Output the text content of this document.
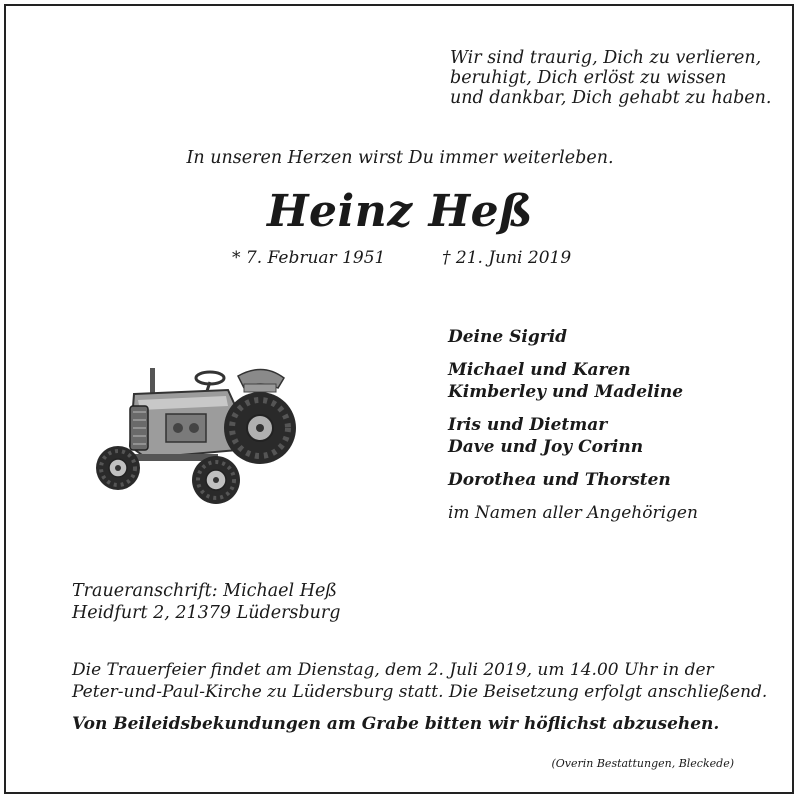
Wir sind traurig, Dich zu verlieren,
beruhigt, Dich erlöst zu wissen
und dankbar, Dich gehabt zu haben.
In unseren Herzen wirst Du immer weiterleben.
Heinz Heß
* 7. Februar 1951	† 21. Juni 2019
Deine Sigrid
Michael und Karen
Kimberley und Madeline
Iris und Dietmar
Dave und Joy Corinn
Dorothea und Thorsten
im Namen aller Angehörigen
Traueranschrift: Michael Heß
Heidfurt 2, 21379 Lüdersburg
Die Trauerfeier findet am Dienstag, dem 2. Juli 2019, um 14.00 Uhr in der
Peter-und-Paul-Kirche zu Lüdersburg statt. Die Beisetzung erfolgt anschließend.
Von Beileidsbekundungen am Grabe bitten wir höflichst abzusehen.
(Overin Bestattungen, Bleckede)
